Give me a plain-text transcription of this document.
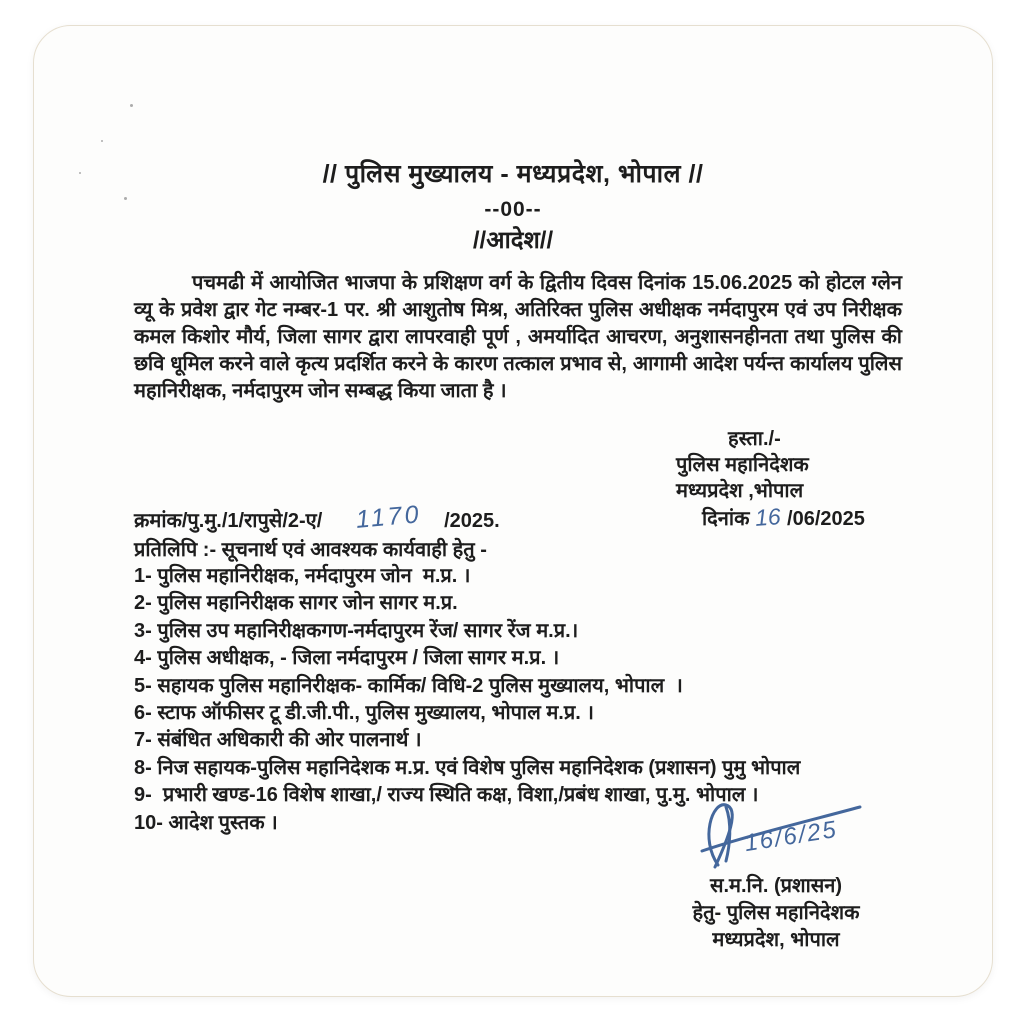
// पुलिस मुख्यालय - मध्यप्रदेश, भोपाल //
--00--
//आदेश//
पचमढी में आयोजित भाजपा के प्रशिक्षण वर्ग के द्वितीय दिवस दिनांक 15.06.2025 को होटल ग्लेन व्यू के प्रवेश द्वार गेट नम्बर-1 पर. श्री आशुतोष मिश्र, अतिरिक्त पुलिस अधीक्षक नर्मदापुरम एवं उप निरीक्षक कमल किशोर मौर्य, जिला सागर द्वारा लापरवाही पूर्ण , अमर्यादित आचरण, अनुशासनहीनता तथा पुलिस की छवि धूमिल करने वाले कृत्य प्रदर्शित करने के कारण तत्काल प्रभाव से, आगामी आदेश पर्यन्त कार्यालय पुलिस महानिरीक्षक, नर्मदापुरम जोन सम्बद्ध किया जाता है ।
हस्ता./-
पुलिस महानिदेशक
मध्यप्रदेश ,भोपाल
दिनांक 16 /06/2025
क्रमांक/पु.मु./1/रापुसे/2-ए/ 1170 /2025.
प्रतिलिपि :- सूचनार्थ एवं आवश्यक कार्यवाही हेतु -
1- पुलिस महानिरीक्षक, नर्मदापुरम जोन  म.प्र. ।
2- पुलिस महानिरीक्षक सागर जोन सागर म.प्र.
3- पुलिस उप महानिरीक्षकगण-नर्मदापुरम रेंज/ सागर रेंज म.प्र.।
4- पुलिस अधीक्षक, - जिला नर्मदापुरम / जिला सागर म.प्र. ।
5- सहायक पुलिस महानिरीक्षक- कार्मिक/ विधि-2 पुलिस मुख्यालय, भोपाल  ।
6- स्टाफ ऑफीसर टू डी.जी.पी., पुलिस मुख्यालय, भोपाल म.प्र. ।
7- संबंधित अधिकारी की ओर पालनार्थ ।
8- निज सहायक-पुलिस महानिदेशक म.प्र. एवं विशेष पुलिस महानिदेशक (प्रशासन) पुमु भोपाल
9-  प्रभारी खण्ड-16 विशेष शाखा,/ राज्य स्थिति कक्ष, विशा,/प्रबंध शाखा, पु.मु. भोपाल ।
10- आदेश पुस्तक ।	16/6/25
स.म.नि. (प्रशासन)
हेतु- पुलिस महानिदेशक
मध्यप्रदेश, भोपाल
